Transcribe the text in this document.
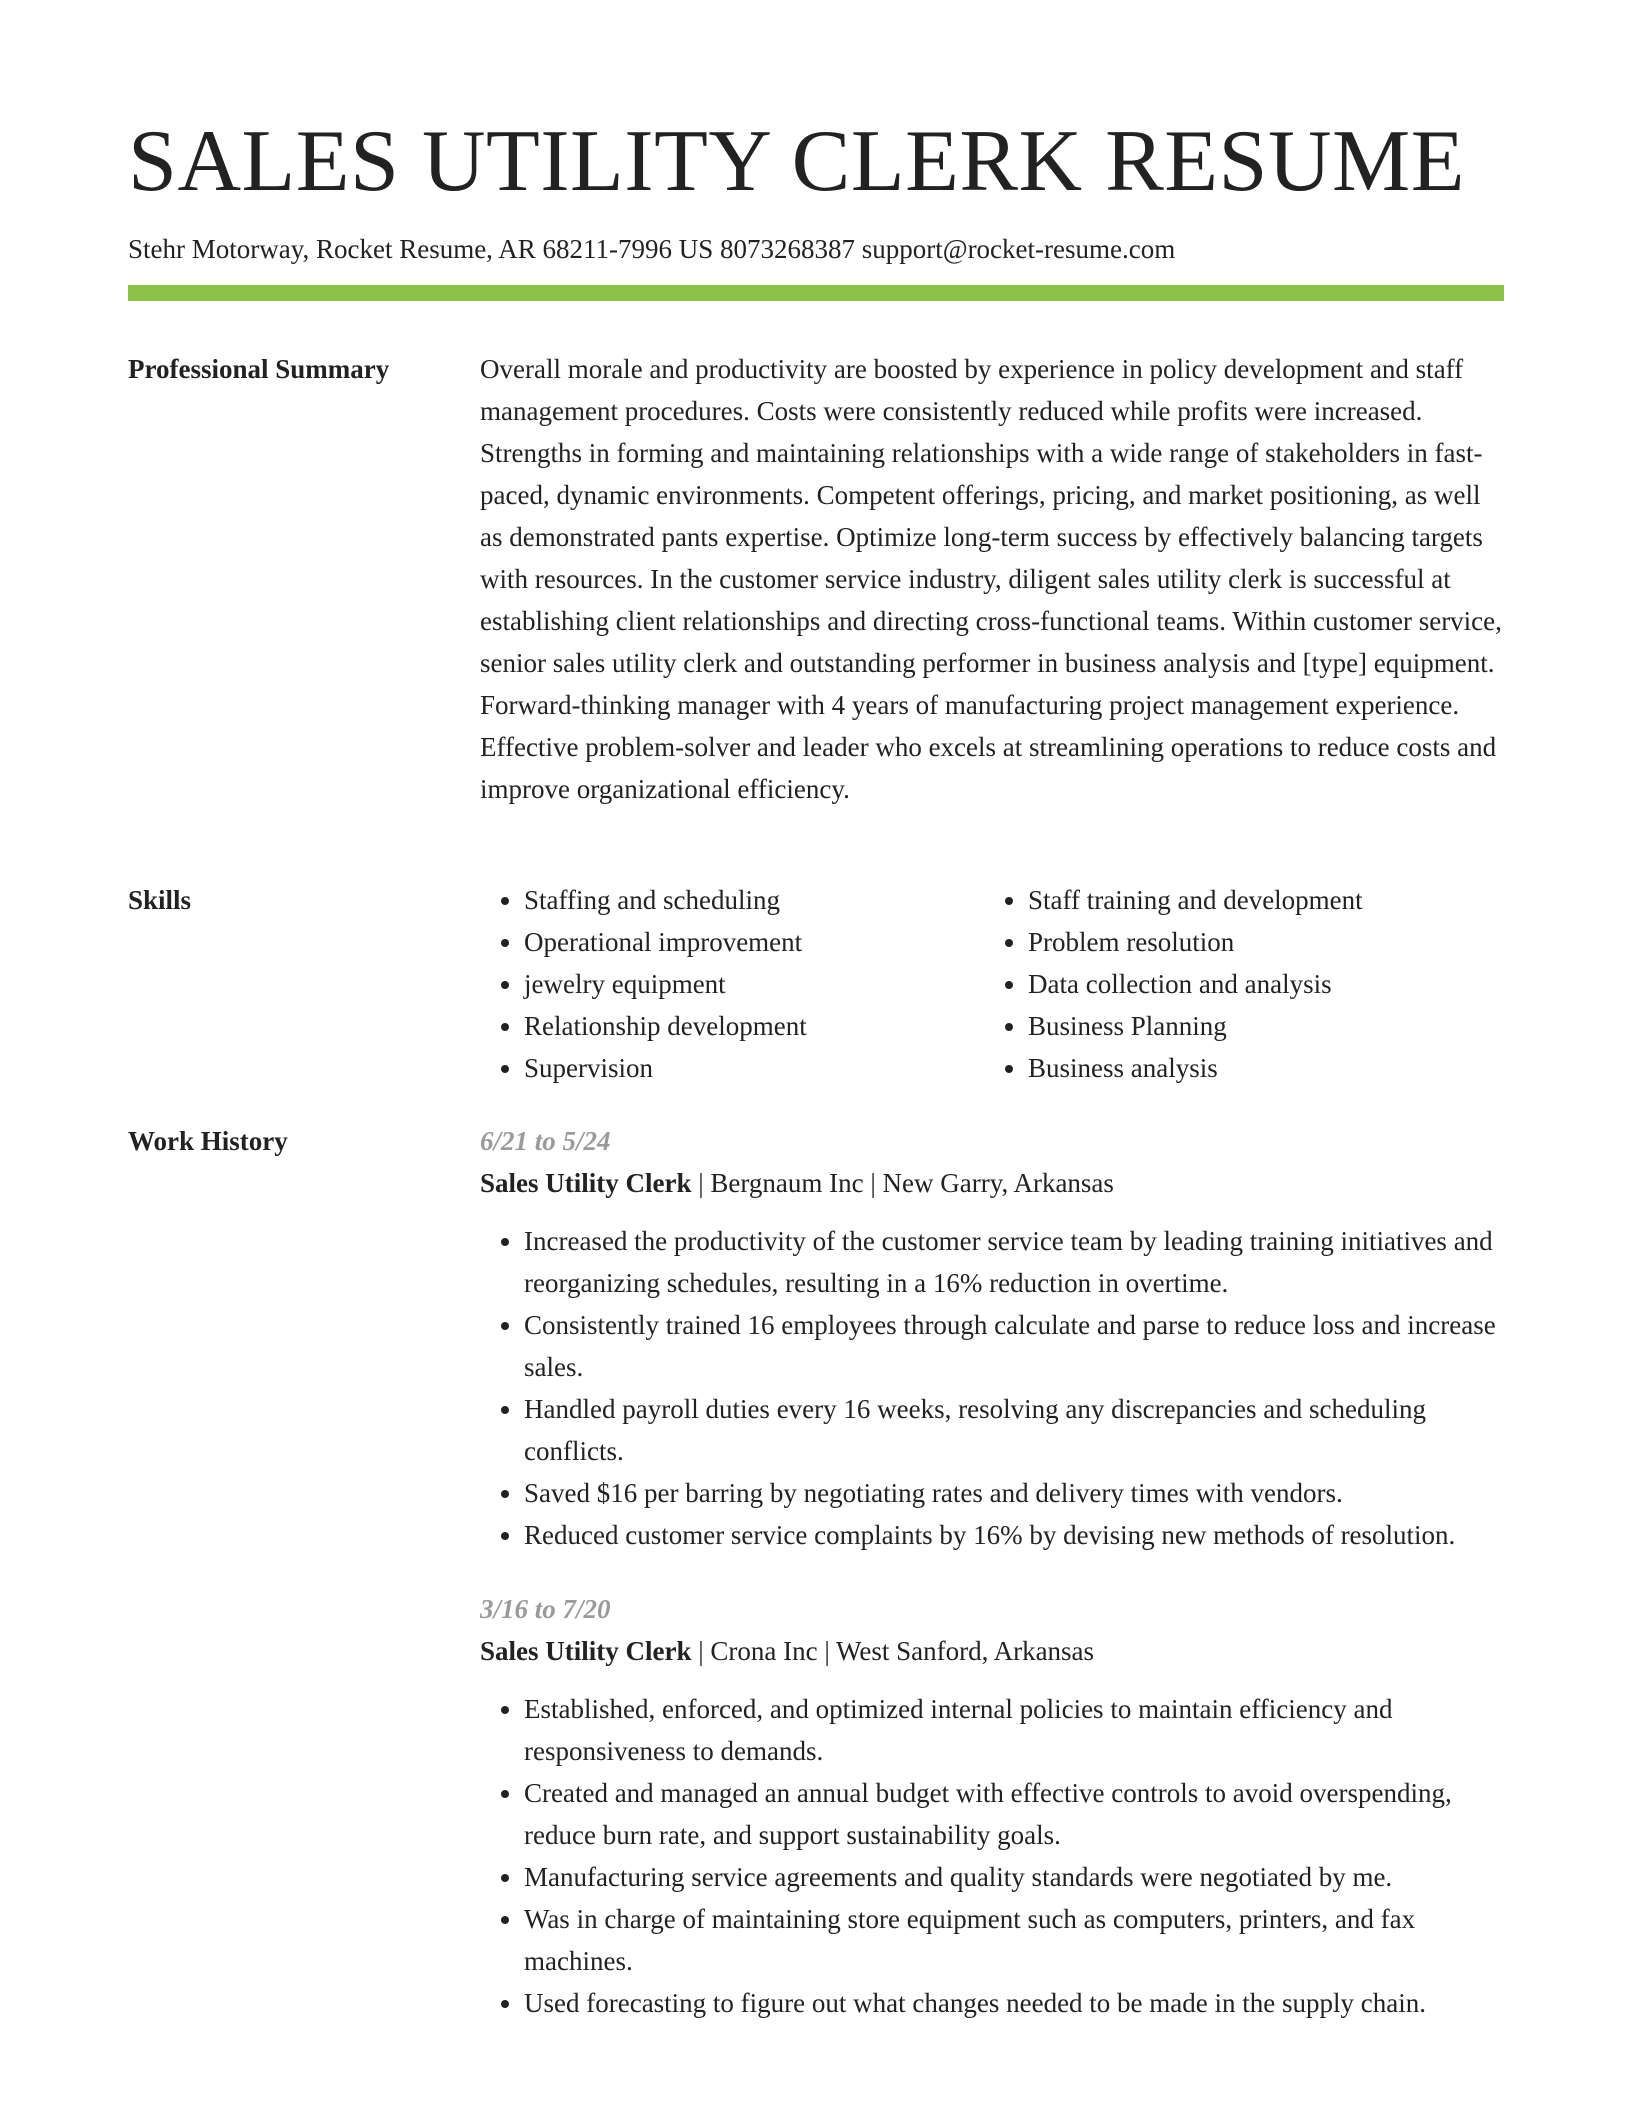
SALES UTILITY CLERK RESUME
Stehr Motorway, Rocket Resume, AR 68211-7996 US 8073268387 support@rocket-resume.com
Professional Summary	Overall morale and productivity are boosted by experience in policy development and staff management procedures. Costs were consistently reduced while profits were increased. Strengths in forming and maintaining relationships with a wide range of stakeholders in fast-paced, dynamic environments. Competent offerings, pricing, and market positioning, as well as demonstrated pants expertise. Optimize long-term success by effectively balancing targets with resources. In the customer service industry, diligent sales utility clerk is successful at establishing client relationships and directing cross-functional teams. Within customer service, senior sales utility clerk and outstanding performer in business analysis and [type] equipment. Forward-thinking manager with 4 years of manufacturing project management experience. Effective problem-solver and leader who excels at streamlining operations to reduce costs and improve organizational efficiency.

Skills
•	Staffing and scheduling
• Operational improvement
• jewelry equipment
• Relationship development
• Supervision
• Staff training and development
• Problem resolution
• Data collection and analysis
• Business Planning
• Business analysis
Work History	6/21 to 5/24
Sales Utility Clerk | Bergnaum Inc | New Garry, Arkansas
• Increased the productivity of the customer service team by leading training initiatives and reorganizing schedules, resulting in a 16% reduction in overtime.
• Consistently trained 16 employees through calculate and parse to reduce loss and increase sales.
• Handled payroll duties every 16 weeks, resolving any discrepancies and scheduling conflicts.
• Saved $16 per barring by negotiating rates and delivery times with vendors.
• Reduced customer service complaints by 16% by devising new methods of resolution.
3/16 to 7/20
Sales Utility Clerk | Crona Inc | West Sanford, Arkansas
• Established, enforced, and optimized internal policies to maintain efficiency and responsiveness to demands.
• Created and managed an annual budget with effective controls to avoid overspending, reduce burn rate, and support sustainability goals.
• Manufacturing service agreements and quality standards were negotiated by me.
• Was in charge of maintaining store equipment such as computers, printers, and fax machines.
• Used forecasting to figure out what changes needed to be made in the supply chain.
